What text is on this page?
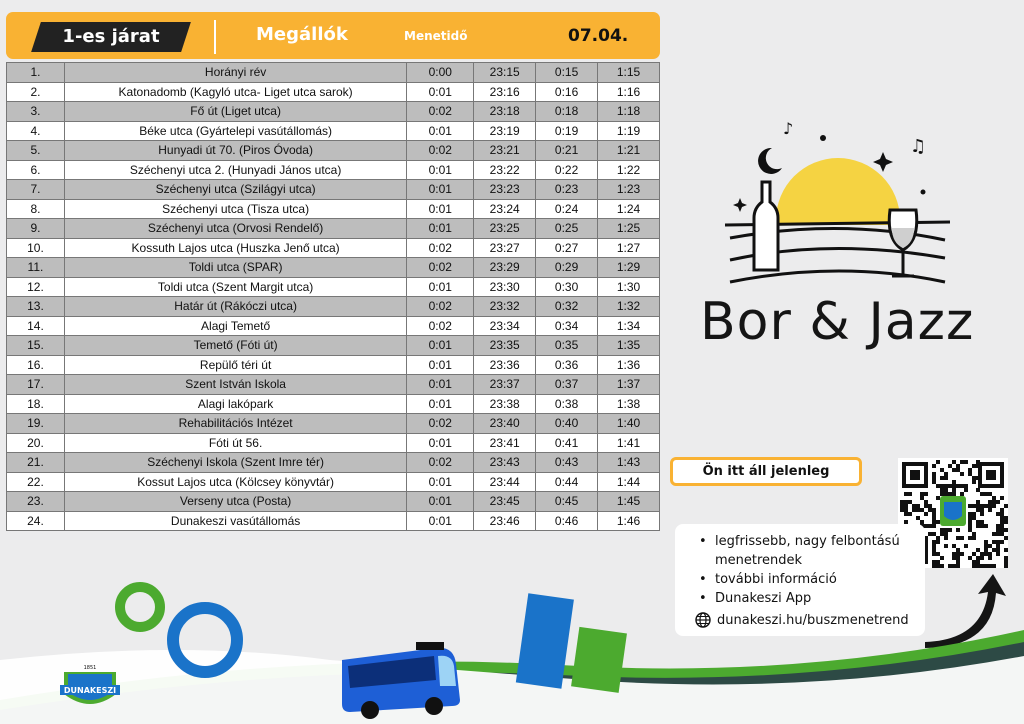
1-es járat	Megállók	Menetidő	07.04.
1.	Horányi rév	0:00	23:15	0:15	1:15
2.	Katonadomb (Kagyló utca- Liget utca sarok)	0:01	23:16	0:16	1:16
3.	Fő út (Liget utca)	0:02	23:18	0:18	1:18
4.	Béke utca (Gyártelepi vasútállomás)	0:01	23:19	0:19	1:19
5.	Hunyadi út 70. (Piros Óvoda)	0:02	23:21	0:21	1:21
6.	Széchenyi utca 2. (Hunyadi János utca)	0:01	23:22	0:22	1:22
7.	Széchenyi utca (Szilágyi utca)	0:01	23:23	0:23	1:23
8.	Széchenyi utca (Tisza utca)	0:01	23:24	0:24	1:24
9.	Széchenyi utca (Orvosi Rendelő)	0:01	23:25	0:25	1:25
10.	Kossuth Lajos utca (Huszka Jenő utca)	0:02	23:27	0:27	1:27
11.	Toldi utca (SPAR)	0:02	23:29	0:29	1:29
12.	Toldi utca (Szent Margit utca)	0:01	23:30	0:30	1:30
13.	Határ út (Rákóczi utca)	0:02	23:32	0:32	1:32
14.	Alagi Temető	0:02	23:34	0:34	1:34
15.	Temető (Fóti út)	0:01	23:35	0:35	1:35
16.	Repülő téri út	0:01	23:36	0:36	1:36
17.	Szent István Iskola	0:01	23:37	0:37	1:37
18.	Alagi lakópark	0:01	23:38	0:38	1:38
19.	Rehabilitációs Intézet	0:02	23:40	0:40	1:40
20.	Fóti út 56.	0:01	23:41	0:41	1:41
21.	Széchenyi Iskola (Szent Imre tér)	0:02	23:43	0:43	1:43
22.	Kossut Lajos utca (Kölcsey könyvtár)	0:01	23:44	0:44	1:44
23.	Verseny utca (Posta)	0:01	23:45	0:45	1:45
24.	Dunakeszi vasútállomás	0:01	23:46	0:46	1:46
♪
♫
Bor & Jazz
Ön itt áll jelenleg
• legfrissebb, nagy felbontású menetrendek
• további információ
• Dunakeszi App
dunakeszi.hu/buszmenetrend
1851
DUNAKESZI
